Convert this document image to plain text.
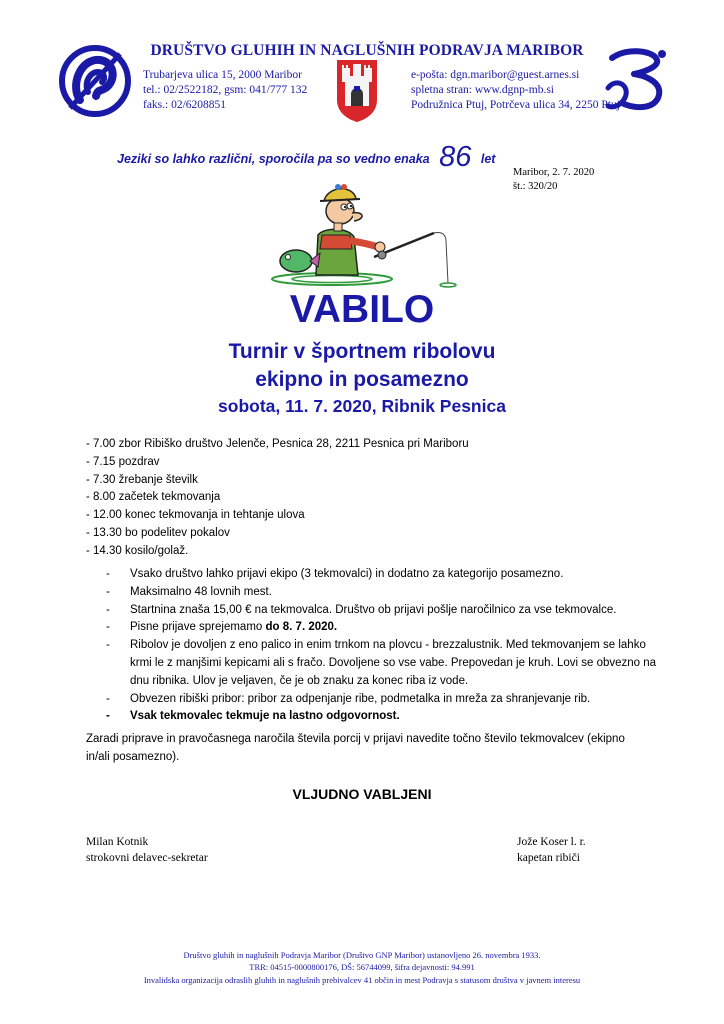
DRUŠTVO GLUHIH IN NAGLUŠNIH PODRAVJA MARIBOR
Trubarjeva ulica 15, 2000 Maribor
tel.: 02/2522182, gsm: 041/777 132
faks.: 02/6208851
e-pošta: dgn.maribor@guest.arnes.si
spletna stran: www.dgnp-mb.si
Podružnica Ptuj, Potrčeva ulica 34, 2250 Ptuj
Jeziki so lahko različni, sporočila pa so vedno enaka 86 let
Maribor, 2. 7. 2020
št.: 320/20
VABILO
Turnir v športnem ribolovu
ekipno in posamezno
sobota, 11. 7. 2020, Ribnik Pesnica
- 7.00 zbor Ribiško društvo Jelenče, Pesnica 28, 2211 Pesnica pri Mariboru
- 7.15 pozdrav
- 7.30 žrebanje številk
- 8.00 začetek tekmovanja
- 12.00 konec tekmovanja in tehtanje ulova
- 13.30 bo podelitev pokalov
- 14.30 kosilo/golaž.
- Vsako društvo lahko prijavi ekipo (3 tekmovalci) in dodatno za kategorijo posamezno.
- Maksimalno 48 lovnih mest.
- Startnina znaša 15,00 € na tekmovalca. Društvo ob prijavi pošlje naročilnico za vse tekmovalce.
- Pisne prijave sprejemamo do 8. 7. 2020.
- Ribolov je dovoljen z eno palico in enim trnkom na plovcu - brezzalustnik. Med tekmovanjem se lahko krmi le z manjšimi kepicami ali s fračo. Dovoljene so vse vabe. Prepovedan je kruh. Lovi se obvezno na dnu ribnika. Ulov je veljaven, če je ob znaku za konec riba iz vode.
- Obvezen ribiški pribor: pribor za odpenjanje ribe, podmetalka in mreža za shranjevanje rib.
- Vsak tekmovalec tekmuje na lastno odgovornost.
Zaradi priprave in pravočasnega naročila števila porcij v prijavi navedite točno število tekmovalcev (ekipno in/ali posamezno).
VLJUDNO VABLJENI
Milan Kotnik
strokovni delavec-sekretar
Jože Koser l. r.
kapetan ribiči
Društvo gluhih in naglušnih Podravja Maribor (Društvo GNP Maribor) ustanovljeno 26. novembra 1933.
TRR: 04515-0000800176, DŠ: 56744099, šifra dejavnosti: 94.991
Invalidska organizacija odraslih gluhih in naglušnih prebivalcev 41 občin in mest Podravja s statusom društva v javnem interesu
